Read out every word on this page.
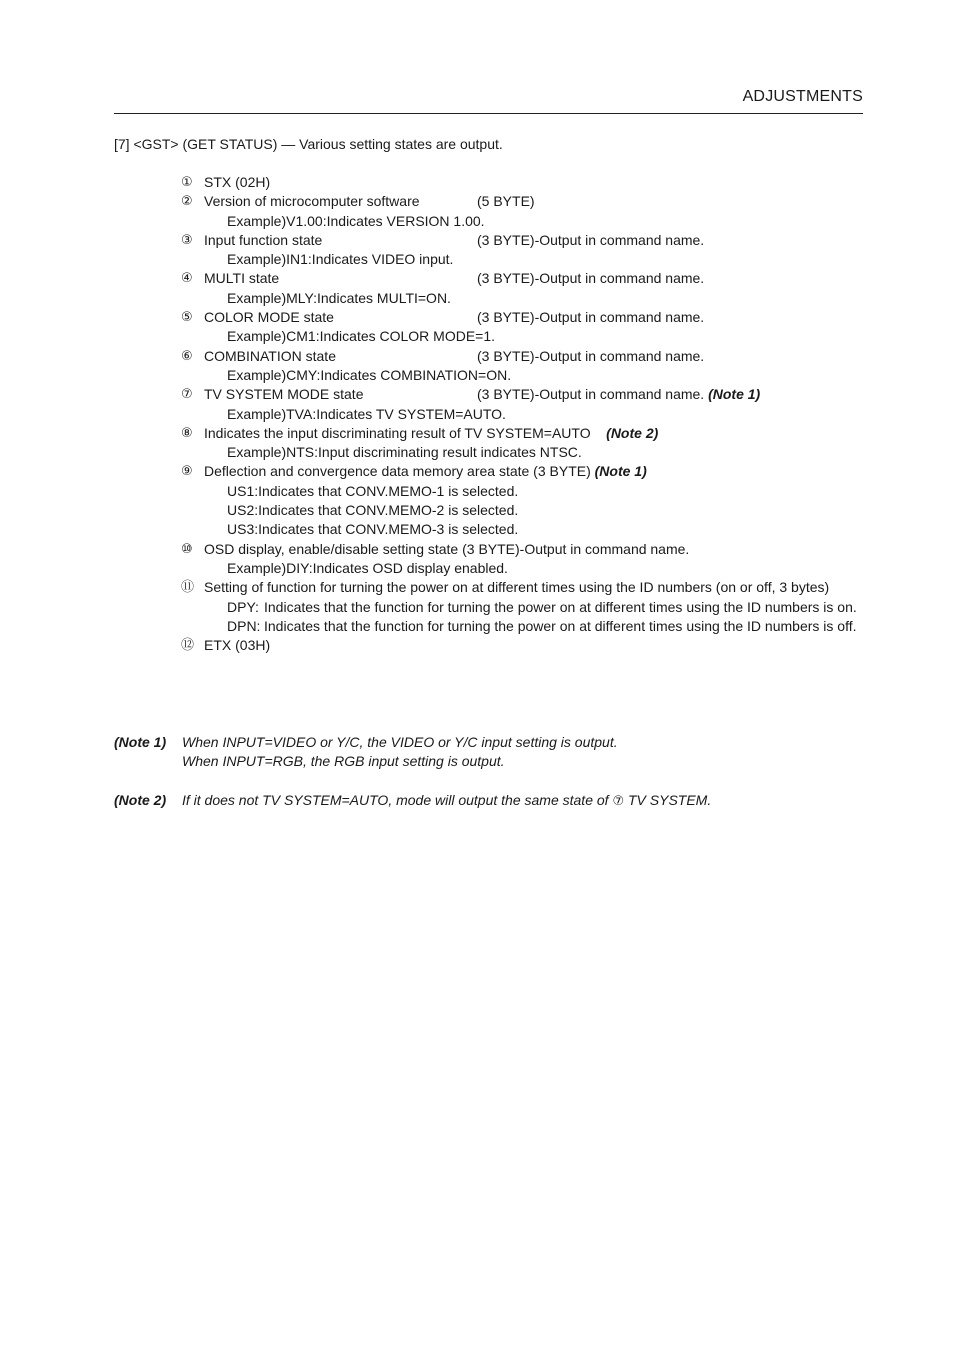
ADJUSTMENTS
[7] <GST> (GET STATUS) — Various setting states are output.
① STX (02H)
② Version of microcomputer software	(5 BYTE)
Example)V1.00:Indicates VERSION 1.00.
③ Input function state	(3 BYTE)-Output in command name.
Example)IN1:Indicates VIDEO input.
④ MULTI state	(3 BYTE)-Output in command name.
Example)MLY:Indicates MULTI=ON.
⑤ COLOR MODE state	(3 BYTE)-Output in command name.
Example)CM1:Indicates COLOR MODE=1.
⑥ COMBINATION state	(3 BYTE)-Output in command name.
Example)CMY:Indicates COMBINATION=ON.
⑦ TV SYSTEM MODE state	(3 BYTE)-Output in command name. (Note 1)
Example)TVA:Indicates TV SYSTEM=AUTO.
⑧ Indicates the input discriminating result of TV SYSTEM=AUTO (Note 2)
Example)NTS:Input discriminating result indicates NTSC.
⑨ Deflection and convergence data memory area state (3 BYTE) (Note 1)
US1:Indicates that CONV.MEMO-1 is selected.
US2:Indicates that CONV.MEMO-2 is selected.
US3:Indicates that CONV.MEMO-3 is selected.
⑩ OSD display, enable/disable setting state (3 BYTE)-Output in command name.
Example)DIY:Indicates OSD display enabled.
⑪ Setting of function for turning the power on at different times using the ID numbers (on or off, 3 bytes)
DPY: Indicates that the function for turning the power on at different times using the ID numbers is on.
DPN: Indicates that the function for turning the power on at different times using the ID numbers is off.
⑫ ETX (03H)
(Note 1) When INPUT=VIDEO or Y/C, the VIDEO or Y/C input setting is output.
When INPUT=RGB, the RGB input setting is output.
(Note 2) If it does not TV SYSTEM=AUTO, mode will output the same state of ⑦ TV SYSTEM.
